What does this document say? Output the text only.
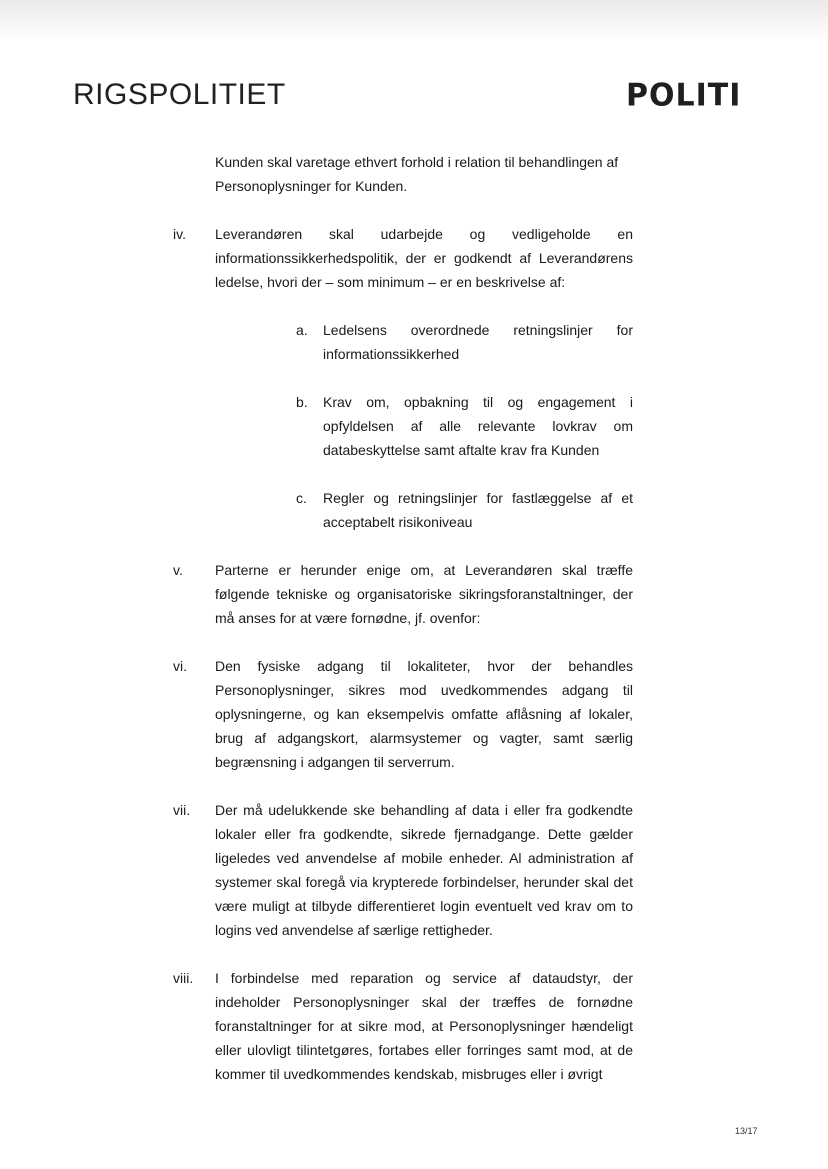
RIGSPOLITIET	POLITI
Kunden skal varetage ethvert forhold i relation til behandlingen af Personoplysninger for Kunden.
iv.	Leverandøren skal udarbejde og vedligeholde en informationssikkerhedspolitik, der er godkendt af Leverandørens ledelse, hvori der – som minimum – er en beskrivelse af:
a. Ledelsens overordnede retningslinjer for informationssikkerhed
b. Krav om, opbakning til og engagement i opfyldelsen af alle relevante lovkrav om databeskyttelse samt aftalte krav fra Kunden
c. Regler og retningslinjer for fastlæggelse af et acceptabelt risikoniveau
v.	Parterne er herunder enige om, at Leverandøren skal træffe følgende tekniske og organisatoriske sikringsforanstaltninger, der må anses for at være fornødne, jf. ovenfor:
vi.	Den fysiske adgang til lokaliteter, hvor der behandles Personoplysninger, sikres mod uvedkommendes adgang til oplysningerne, og kan eksempelvis omfatte aflåsning af lokaler, brug af adgangskort, alarmsystemer og vagter, samt særlig begrænsning i adgangen til serverrum.
vii.	Der må udelukkende ske behandling af data i eller fra godkendte lokaler eller fra godkendte, sikrede fjernadgange. Dette gælder ligeledes ved anvendelse af mobile enheder. Al administration af systemer skal foregå via krypterede forbindelser, herunder skal det være muligt at tilbyde differentieret login eventuelt ved krav om to logins ved anvendelse af særlige rettigheder.
viii.	I forbindelse med reparation og service af dataudstyr, der indeholder Personoplysninger skal der træffes de fornødne foranstaltninger for at sikre mod, at Personoplysninger hændeligt eller ulovligt tilintetgøres, fortabes eller forringes samt mod, at de kommer til uvedkommendes kendskab, misbruges eller i øvrigt
13/17
